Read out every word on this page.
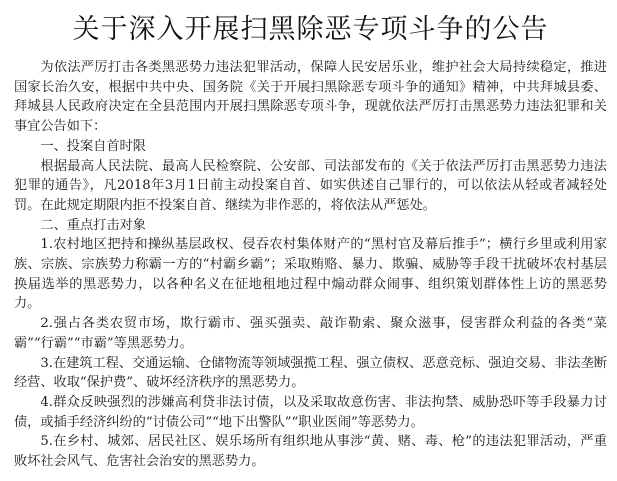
关于深入开展扫黑除恶专项斗争的公告

为依法严厉打击各类黑恶势力违法犯罪活动，保障人民安居乐业，维护社会大局持续稳定，推进国家长治久安，根据中共中央、国务院《关于开展扫黑除恶专项斗争的通知》精神，中共拜城县委、拜城县人民政府决定在全县范围内开展扫黑除恶专项斗争，现就依法严厉打击黑恶势力违法犯罪和关事宜公告如下：

一、投案自首时限

根据最高人民法院、最高人民检察院、公安部、司法部发布的《关于依法严厉打击黑恶势力违法犯罪的通告》，凡2018年3月1日前主动投案自首、如实供述自己罪行的，可以依法从轻或者减轻处罚。在此规定期限内拒不投案自首、继续为非作恶的，将依法从严惩处。

二、重点打击对象

1.农村地区把持和操纵基层政权、侵吞农村集体财产的“黑村官及幕后推手”；横行乡里或利用家族、宗族、宗族势力称霸一方的“村霸乡霸”；采取贿赂、暴力、欺骗、威胁等手段干扰破坏农村基层换届选举的黑恶势力，以各种名义在征地租地过程中煽动群众闹事、组织策划群体性上访的黑恶势力。

2.强占各类农贸市场，欺行霸市、强买强卖、敲诈勒索、聚众滋事，侵害群众利益的各类“菜霸”“行霸”“市霸”等黑恶势力。

3.在建筑工程、交通运输、仓储物流等领域强揽工程、强立债权、恶意竞标、强迫交易、非法垄断经营、收取“保护费”、破坏经济秩序的黑恶势力。

4.群众反映强烈的涉嫌高利贷非法讨债，以及采取故意伤害、非法拘禁、威胁恐吓等手段暴力讨债，或插手经济纠纷的“讨债公司”“地下出警队”“职业医闹”等恶势力。

5.在乡村、城郊、居民社区、娱乐场所有组织地从事涉“黄、赌、毒、枪”的违法犯罪活动，严重败坏社会风气、危害社会治安的黑恶势力。
